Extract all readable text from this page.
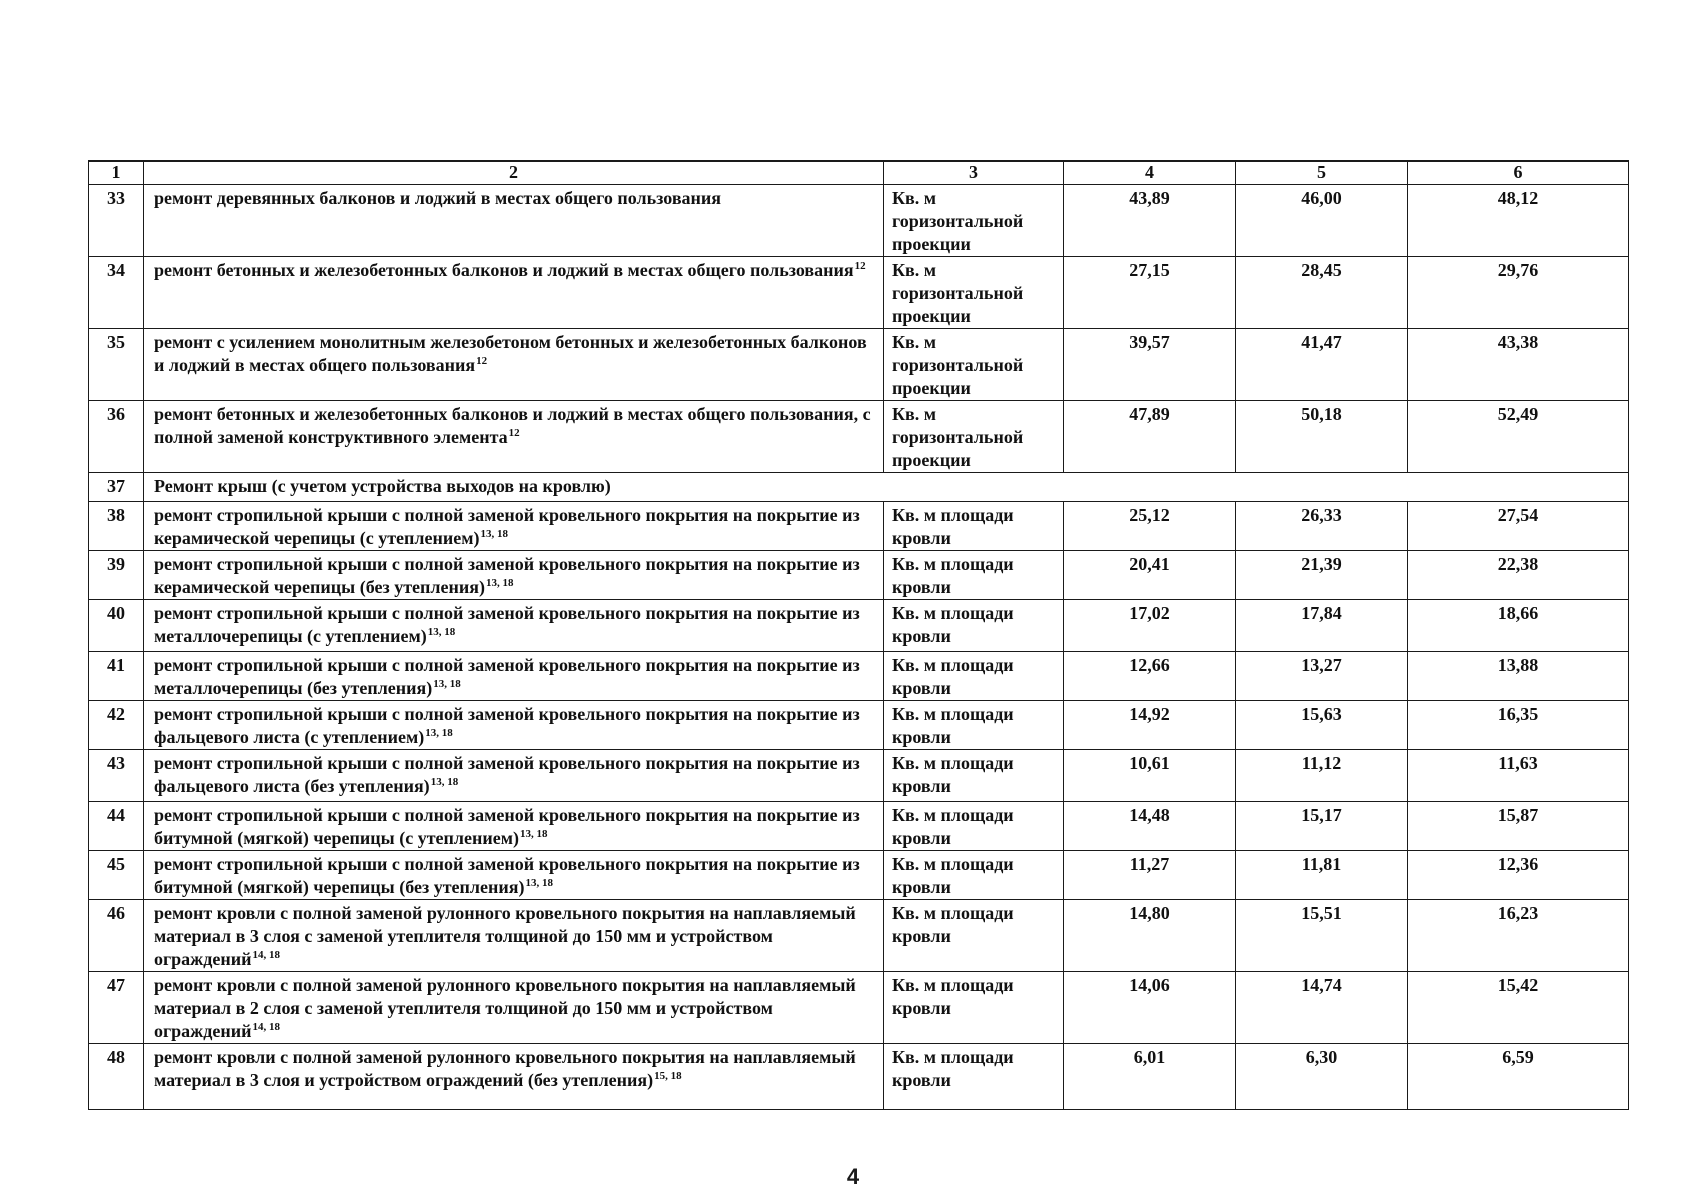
1	2	3	4	5	6
33	ремонт деревянных балконов и лоджий в местах общего пользования	Кв. м горизонтальной проекции	43,89	46,00	48,12
34	ремонт бетонных и железобетонных балконов и лоджий в местах общего пользования$^{12}$	Кв. м горизонтальной проекции	27,15	28,45	29,76
35	ремонт с усилением монолитным железобетоном бетонных и железобетонных балконов и лоджий в местах общего пользования$^{12}$	Кв. м горизонтальной проекции	39,57	41,47	43,38
36	ремонт бетонных и железобетонных балконов и лоджий в местах общего пользования, с полной заменой конструктивного элемента$^{12}$	Кв. м горизонтальной проекции	47,89	50,18	52,49
37	Ремонт крыш (с учетом устройства выходов на кровлю)				
38	ремонт стропильной крыши с полной заменой кровельного покрытия на покрытие из керамической черепицы (с утеплением)$^{13, 18}$	Кв. м площади кровли	25,12	26,33	27,54
39	ремонт стропильной крыши с полной заменой кровельного покрытия на покрытие из керамической черепицы (без утепления)$^{13, 18}$	Кв. м площади кровли	20,41	21,39	22,38
40	ремонт стропильной крыши с полной заменой кровельного покрытия на покрытие из металлочерепицы (с утеплением)$^{13, 18}$	Кв. м площади кровли	17,02	17,84	18,66
41	ремонт стропильной крыши с полной заменой кровельного покрытия на покрытие из металлочерепицы (без утепления)$^{13, 18}$	Кв. м площади кровли	12,66	13,27	13,88
42	ремонт стропильной крыши с полной заменой кровельного покрытия на покрытие из фальцевого листа (с утеплением)$^{13, 18}$	Кв. м площади кровли	14,92	15,63	16,35
43	ремонт стропильной крыши с полной заменой кровельного покрытия на покрытие из фальцевого листа (без утепления)$^{13, 18}$	Кв. м площади кровли	10,61	11,12	11,63
44	ремонт стропильной крыши с полной заменой кровельного покрытия на покрытие из битумной (мягкой) черепицы (с утеплением)$^{13, 18}$	Кв. м площади кровли	14,48	15,17	15,87
45	ремонт стропильной крыши с полной заменой кровельного покрытия на покрытие из битумной (мягкой) черепицы (без утепления)$^{13, 18}$	Кв. м площади кровли	11,27	11,81	12,36
46	ремонт кровли с полной заменой рулонного кровельного покрытия на наплавляемый материал в 3 слоя с заменой утеплителя толщиной до 150 мм и устройством ограждений$^{14, 18}$	Кв. м площади кровли	14,80	15,51	16,23
47	ремонт кровли с полной заменой рулонного кровельного покрытия на наплавляемый материал в 2 слоя с заменой утеплителя толщиной до 150 мм и устройством ограждений$^{14, 18}$	Кв. м площади кровли	14,06	14,74	15,42
48	ремонт кровли с полной заменой рулонного кровельного покрытия на наплавляемый материал в 3 слоя и устройством ограждений (без утепления)$^{15, 18}$	Кв. м площади кровли	6,01	6,30	6,59
4
